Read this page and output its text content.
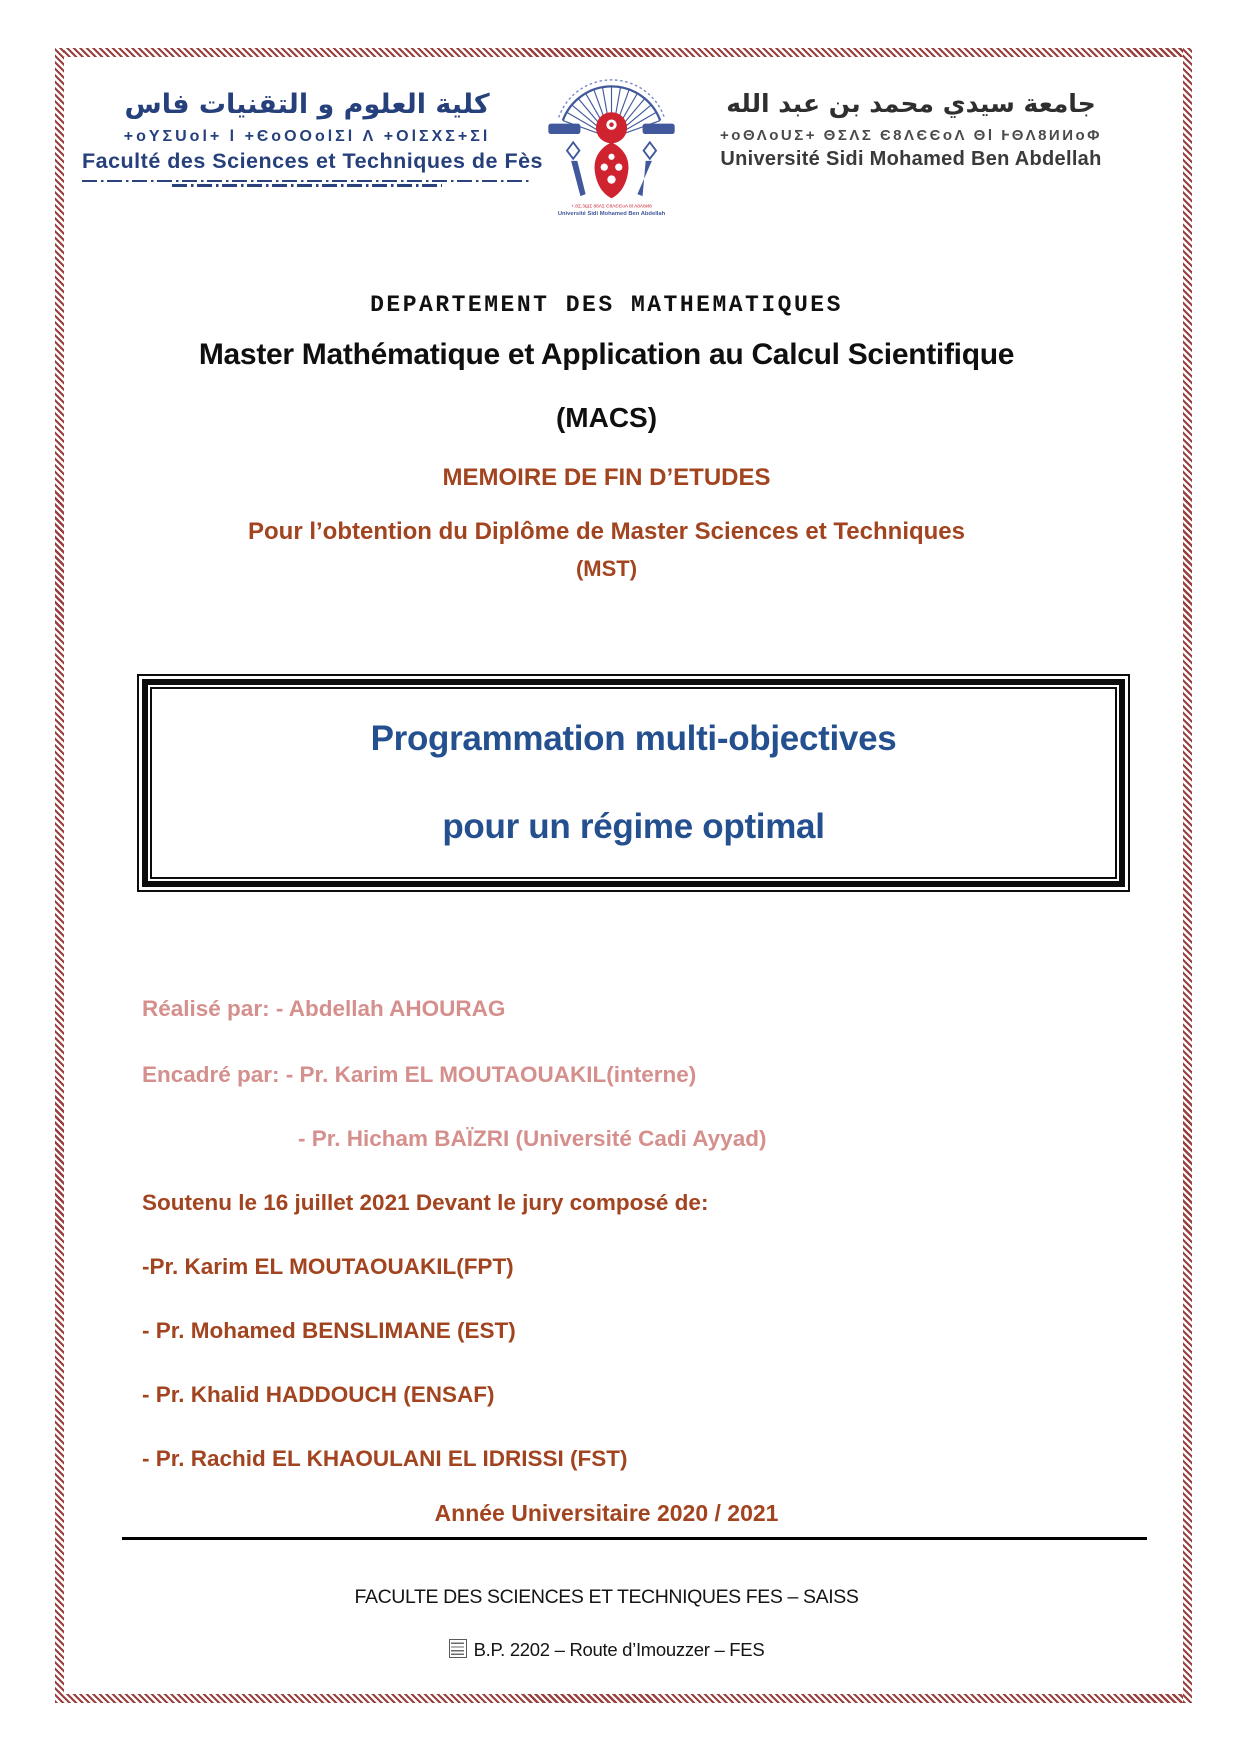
كلية العلوم و التقنيات فاس
+oYΣUol+ l +ЄoOOolΣl Λ +OlΣXΣ+Σl
Faculté des Sciences et Techniques de Fès
+.8Σ.3ШΣ 88ΛΣ Є8ΛЄЄoΛ 8l Λ8Λ8И8
Université Sidi Mohamed Ben Abdellah
جامعة سيدي محمد بن عبد الله
+oΘΛoUΣ+ ΘΣΛΣ Є8ΛЄЄoΛ Θl ⱵΘΛ8ИИoΦ
Université Sidi Mohamed Ben Abdellah
DEPARTEMENT DES MATHEMATIQUES
Master Mathématique et Application au Calcul Scientifique
(MACS)
MEMOIRE DE FIN D’ETUDES
Pour l’obtention du Diplôme de Master Sciences et Techniques
(MST)
Programmation multi-objectives
pour un régime optimal
Réalisé par: - Abdellah AHOURAG
Encadré par: - Pr. Karim EL MOUTAOUAKIL(interne)
- Pr. Hicham BAÏZRI (Université Cadi Ayyad)
Soutenu le 16 juillet 2021 Devant le jury composé de:
-Pr. Karim EL MOUTAOUAKIL(FPT)
- Pr. Mohamed BENSLIMANE (EST)
- Pr. Khalid HADDOUCH (ENSAF)
- Pr. Rachid EL KHAOULANI EL IDRISSI (FST)
Année Universitaire 2020 / 2021
FACULTE DES SCIENCES ET TECHNIQUES FES – SAISS
B.P. 2202 – Route d’Imouzzer – FES
